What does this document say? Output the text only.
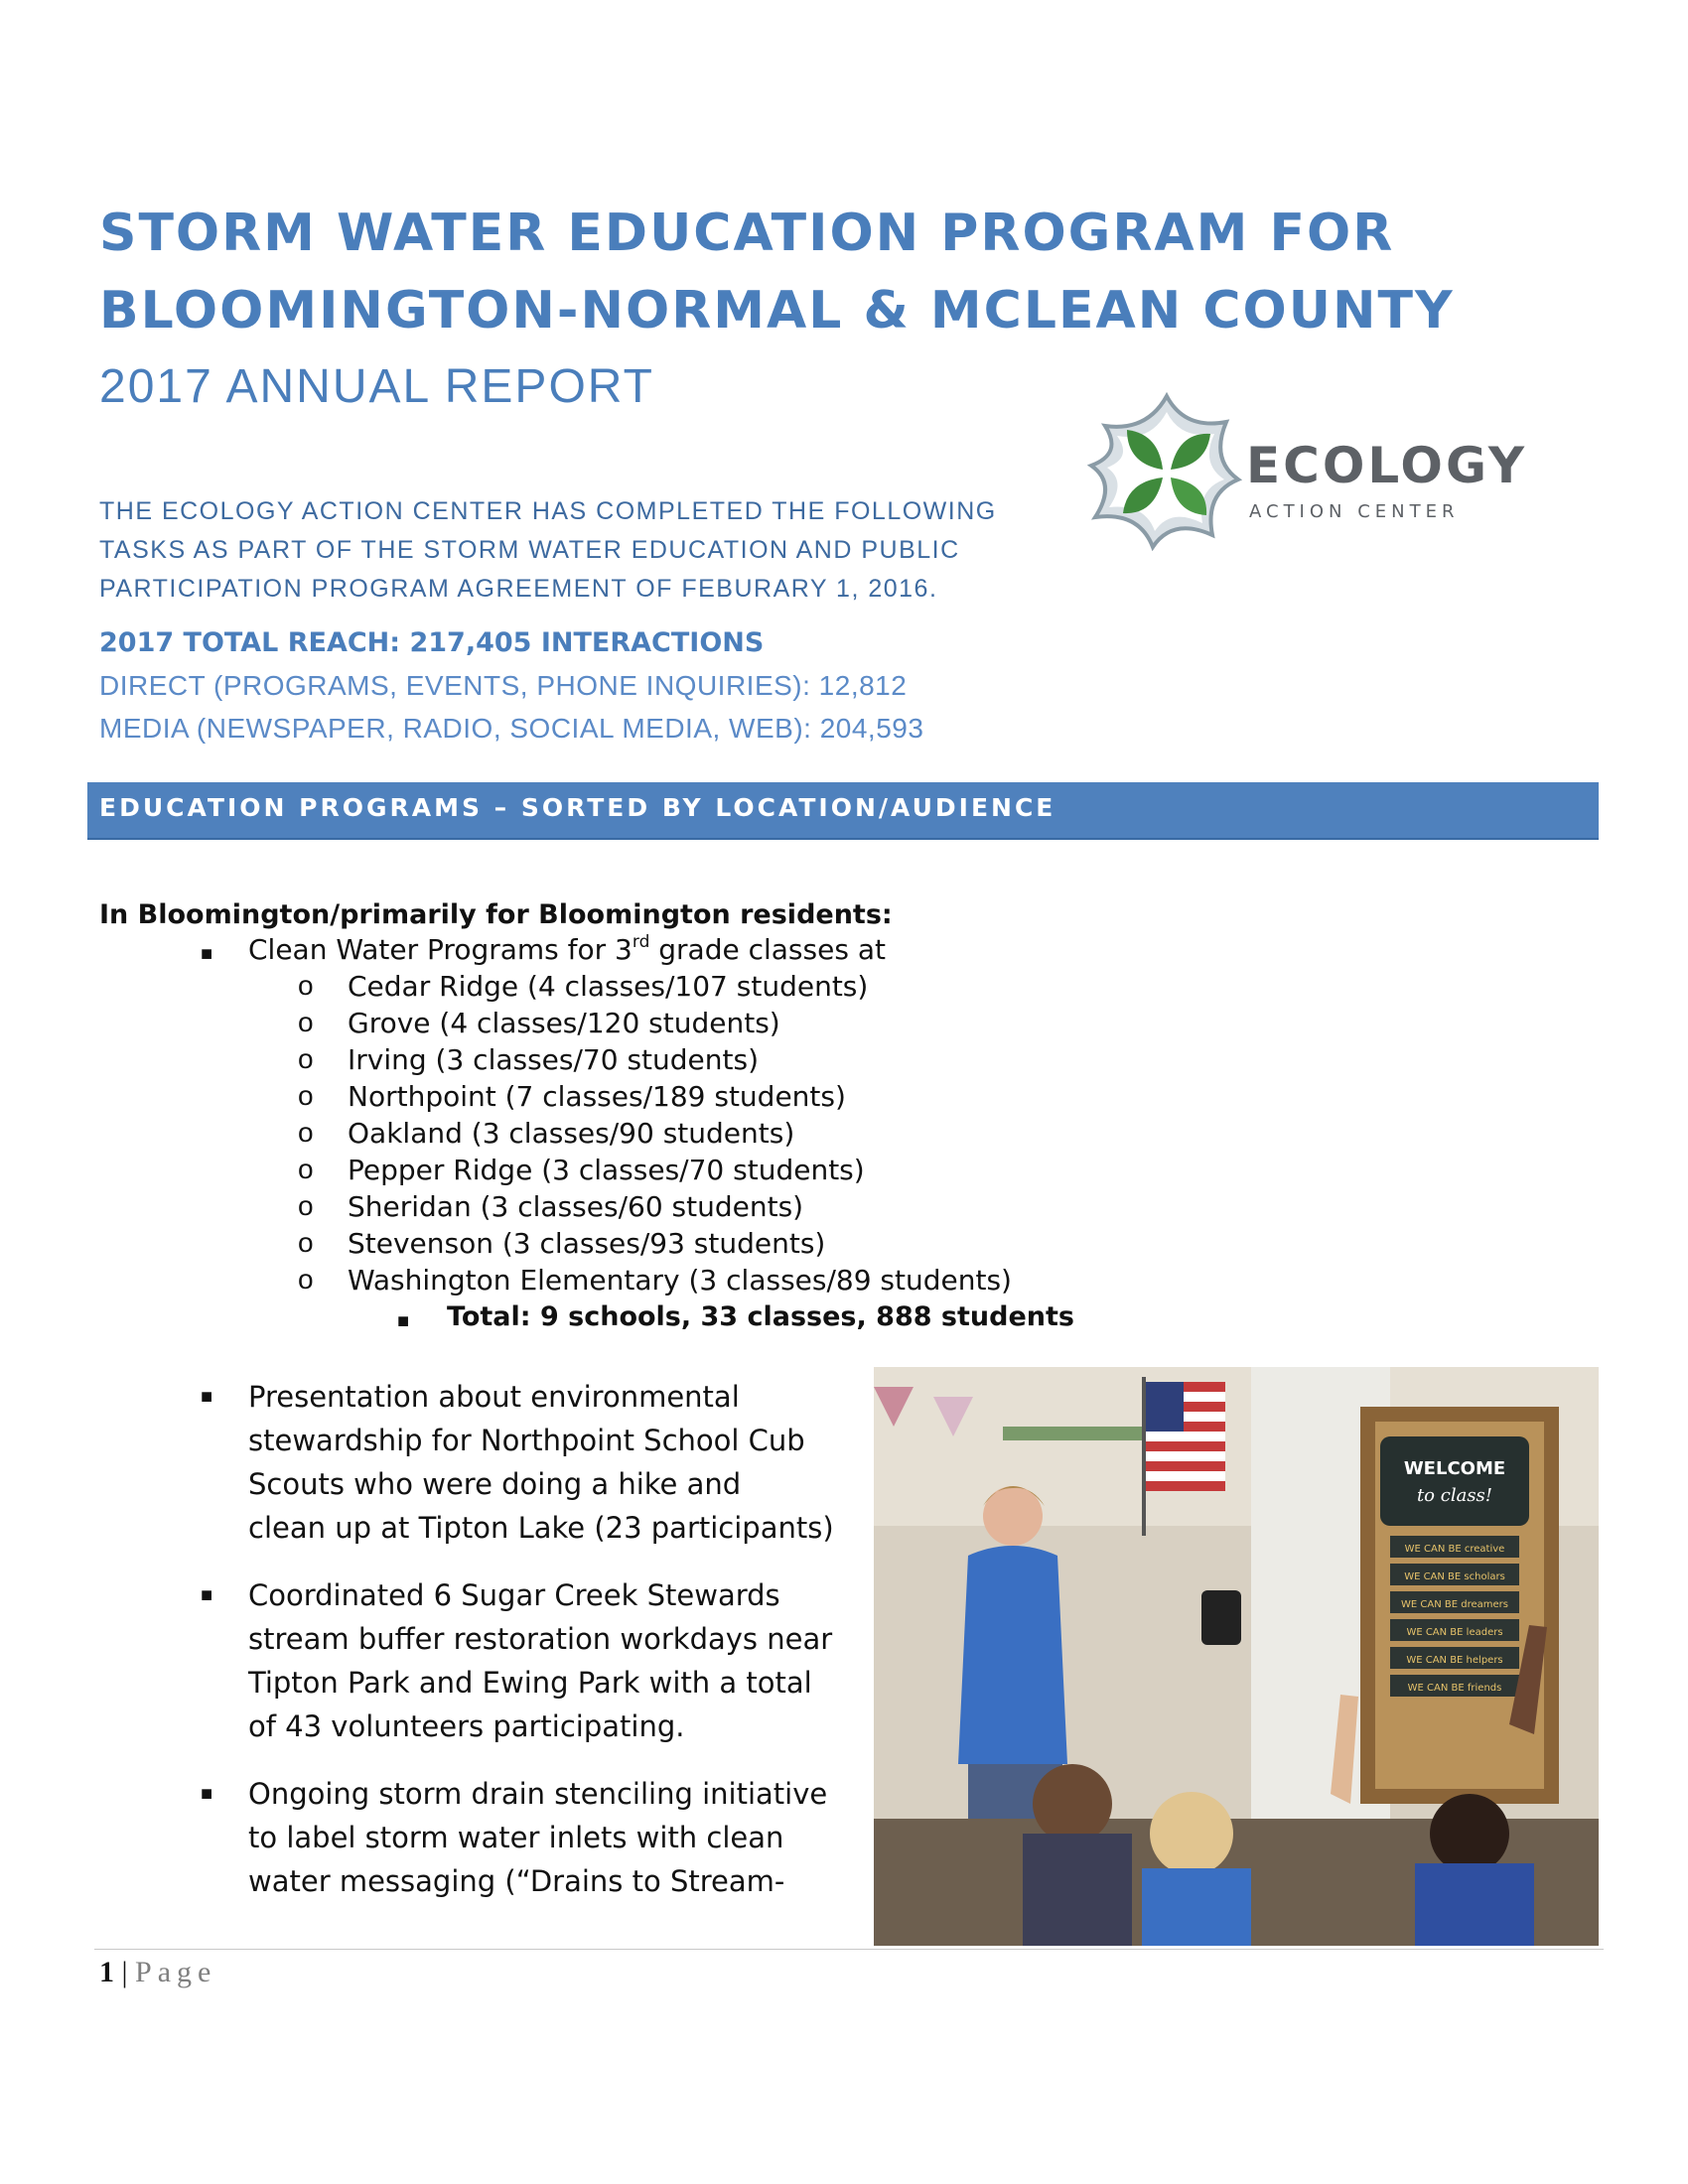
STORM WATER EDUCATION PROGRAM FOR
BLOOMINGTON-NORMAL & MCLEAN COUNTY
2017 ANNUAL REPORT
ECOLOGY
ACTION CENTER
THE ECOLOGY ACTION CENTER HAS COMPLETED THE FOLLOWING TASKS AS PART OF THE STORM WATER EDUCATION AND PUBLIC PARTICIPATION PROGRAM AGREEMENT OF FEBURARY 1, 2016.
2017 TOTAL REACH: 217,405 INTERACTIONS
DIRECT (PROGRAMS, EVENTS, PHONE INQUIRIES): 12,812
MEDIA (NEWSPAPER, RADIO, SOCIAL MEDIA, WEB): 204,593
EDUCATION PROGRAMS – SORTED BY LOCATION/AUDIENCE
In Bloomington/primarily for Bloomington residents:
■ Clean Water Programs for 3rd grade classes at
o Cedar Ridge (4 classes/107 students)
o Grove (4 classes/120 students)
o Irving (3 classes/70 students)
o Northpoint (7 classes/189 students)
o Oakland (3 classes/90 students)
o Pepper Ridge (3 classes/70 students)
o Sheridan (3 classes/60 students)
o Stevenson (3 classes/93 students)
o Washington Elementary (3 classes/89 students)
■ Total: 9 schools, 33 classes, 888 students
■ Presentation about environmental
stewardship for Northpoint School Cub
Scouts who were doing a hike and
clean up at Tipton Lake (23 participants)
■ Coordinated 6 Sugar Creek Stewards
stream buffer restoration workdays near
Tipton Park and Ewing Park with a total
of 43 volunteers participating.
■ Ongoing storm drain stenciling initiative
to label storm water inlets with clean
water messaging (“Drains to Stream-
WELCOME
to class!
WE CAN BE creative
WE CAN BE scholars
WE CAN BE dreamers
WE CAN BE leaders
WE CAN BE helpers
WE CAN BE friends
1 | Page
